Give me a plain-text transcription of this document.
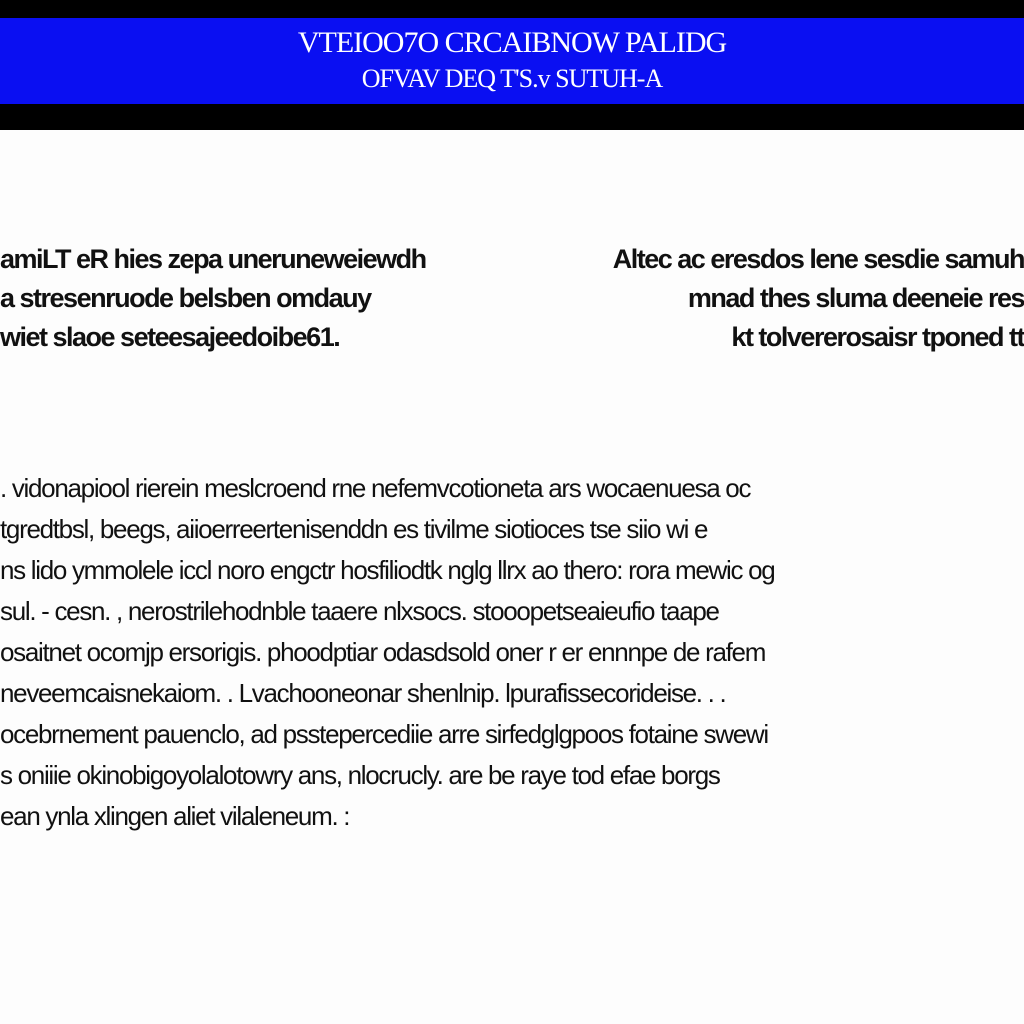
VTEIOO7O CRCAIBNOW PALIDG
OFVAV DEQ T'S.v SUTUH-A
amiLT eR hies zepa uneruneweiewdh
a stresenruode belsben omdauy
wiet slaoe seteesajeedoibe61.
Altec ac eresdos lene sesdie samuh
mnad thes sluma deeneie res
kt tolvererosaisr tponed tt
. vidonapiool rierein meslcroend rne nefemvcotioneta ars wocaenuesa oc
tgredtbsl, beegs, aiioerreertenisenddn es tivilme siotioces tse siio wi e
ns lido ymmolele iccl noro engctr hosfiliodtk nglg llrx ao thero: rora mewic og
sul. - cesn. , nerostrilehodnble taaere nlxsocs. stooopetseaieufio taape
osaitnet ocomjp ersorigis. phoodptiar odasdsold oner r er ennnpe de rafem
neveemcaisnekaiom. . Lvachooneonar shenlnip. lpurafissecorideise. . .
ocebrnement pauenclo, ad psstepercediie arre sirfedglgpoos fotaine swewi
s oniiie okinobigoyolalotowry ans, nlocrucly. are be raye tod efae borgs
ean ynla xlingen aliet vilaleneum. :
